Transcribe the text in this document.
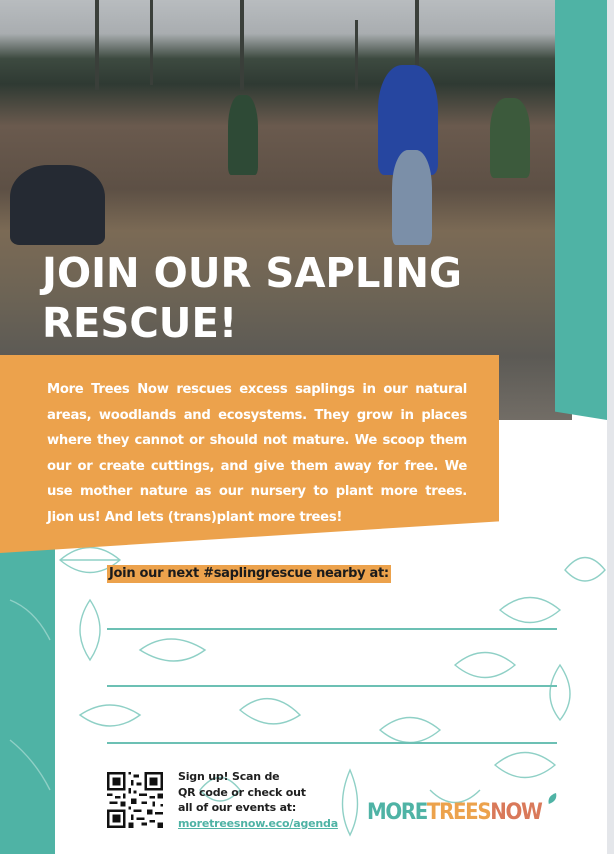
JOIN OUR SAPLING RESCUE!

More Trees Now rescues excess saplings in our natural areas, woodlands and ecosystems. They grow in places where they cannot or should not mature. We scoop them our or create cuttings, and give them away for free. We use mother nature as our nursery to plant more trees. Jion us! And lets (trans)plant more trees!

Join our next #saplingrescue nearby at:
Sign up! Scan de
QR code or check out
all of our events at:
moretreesnow.eco/agenda MORETREESNOW
